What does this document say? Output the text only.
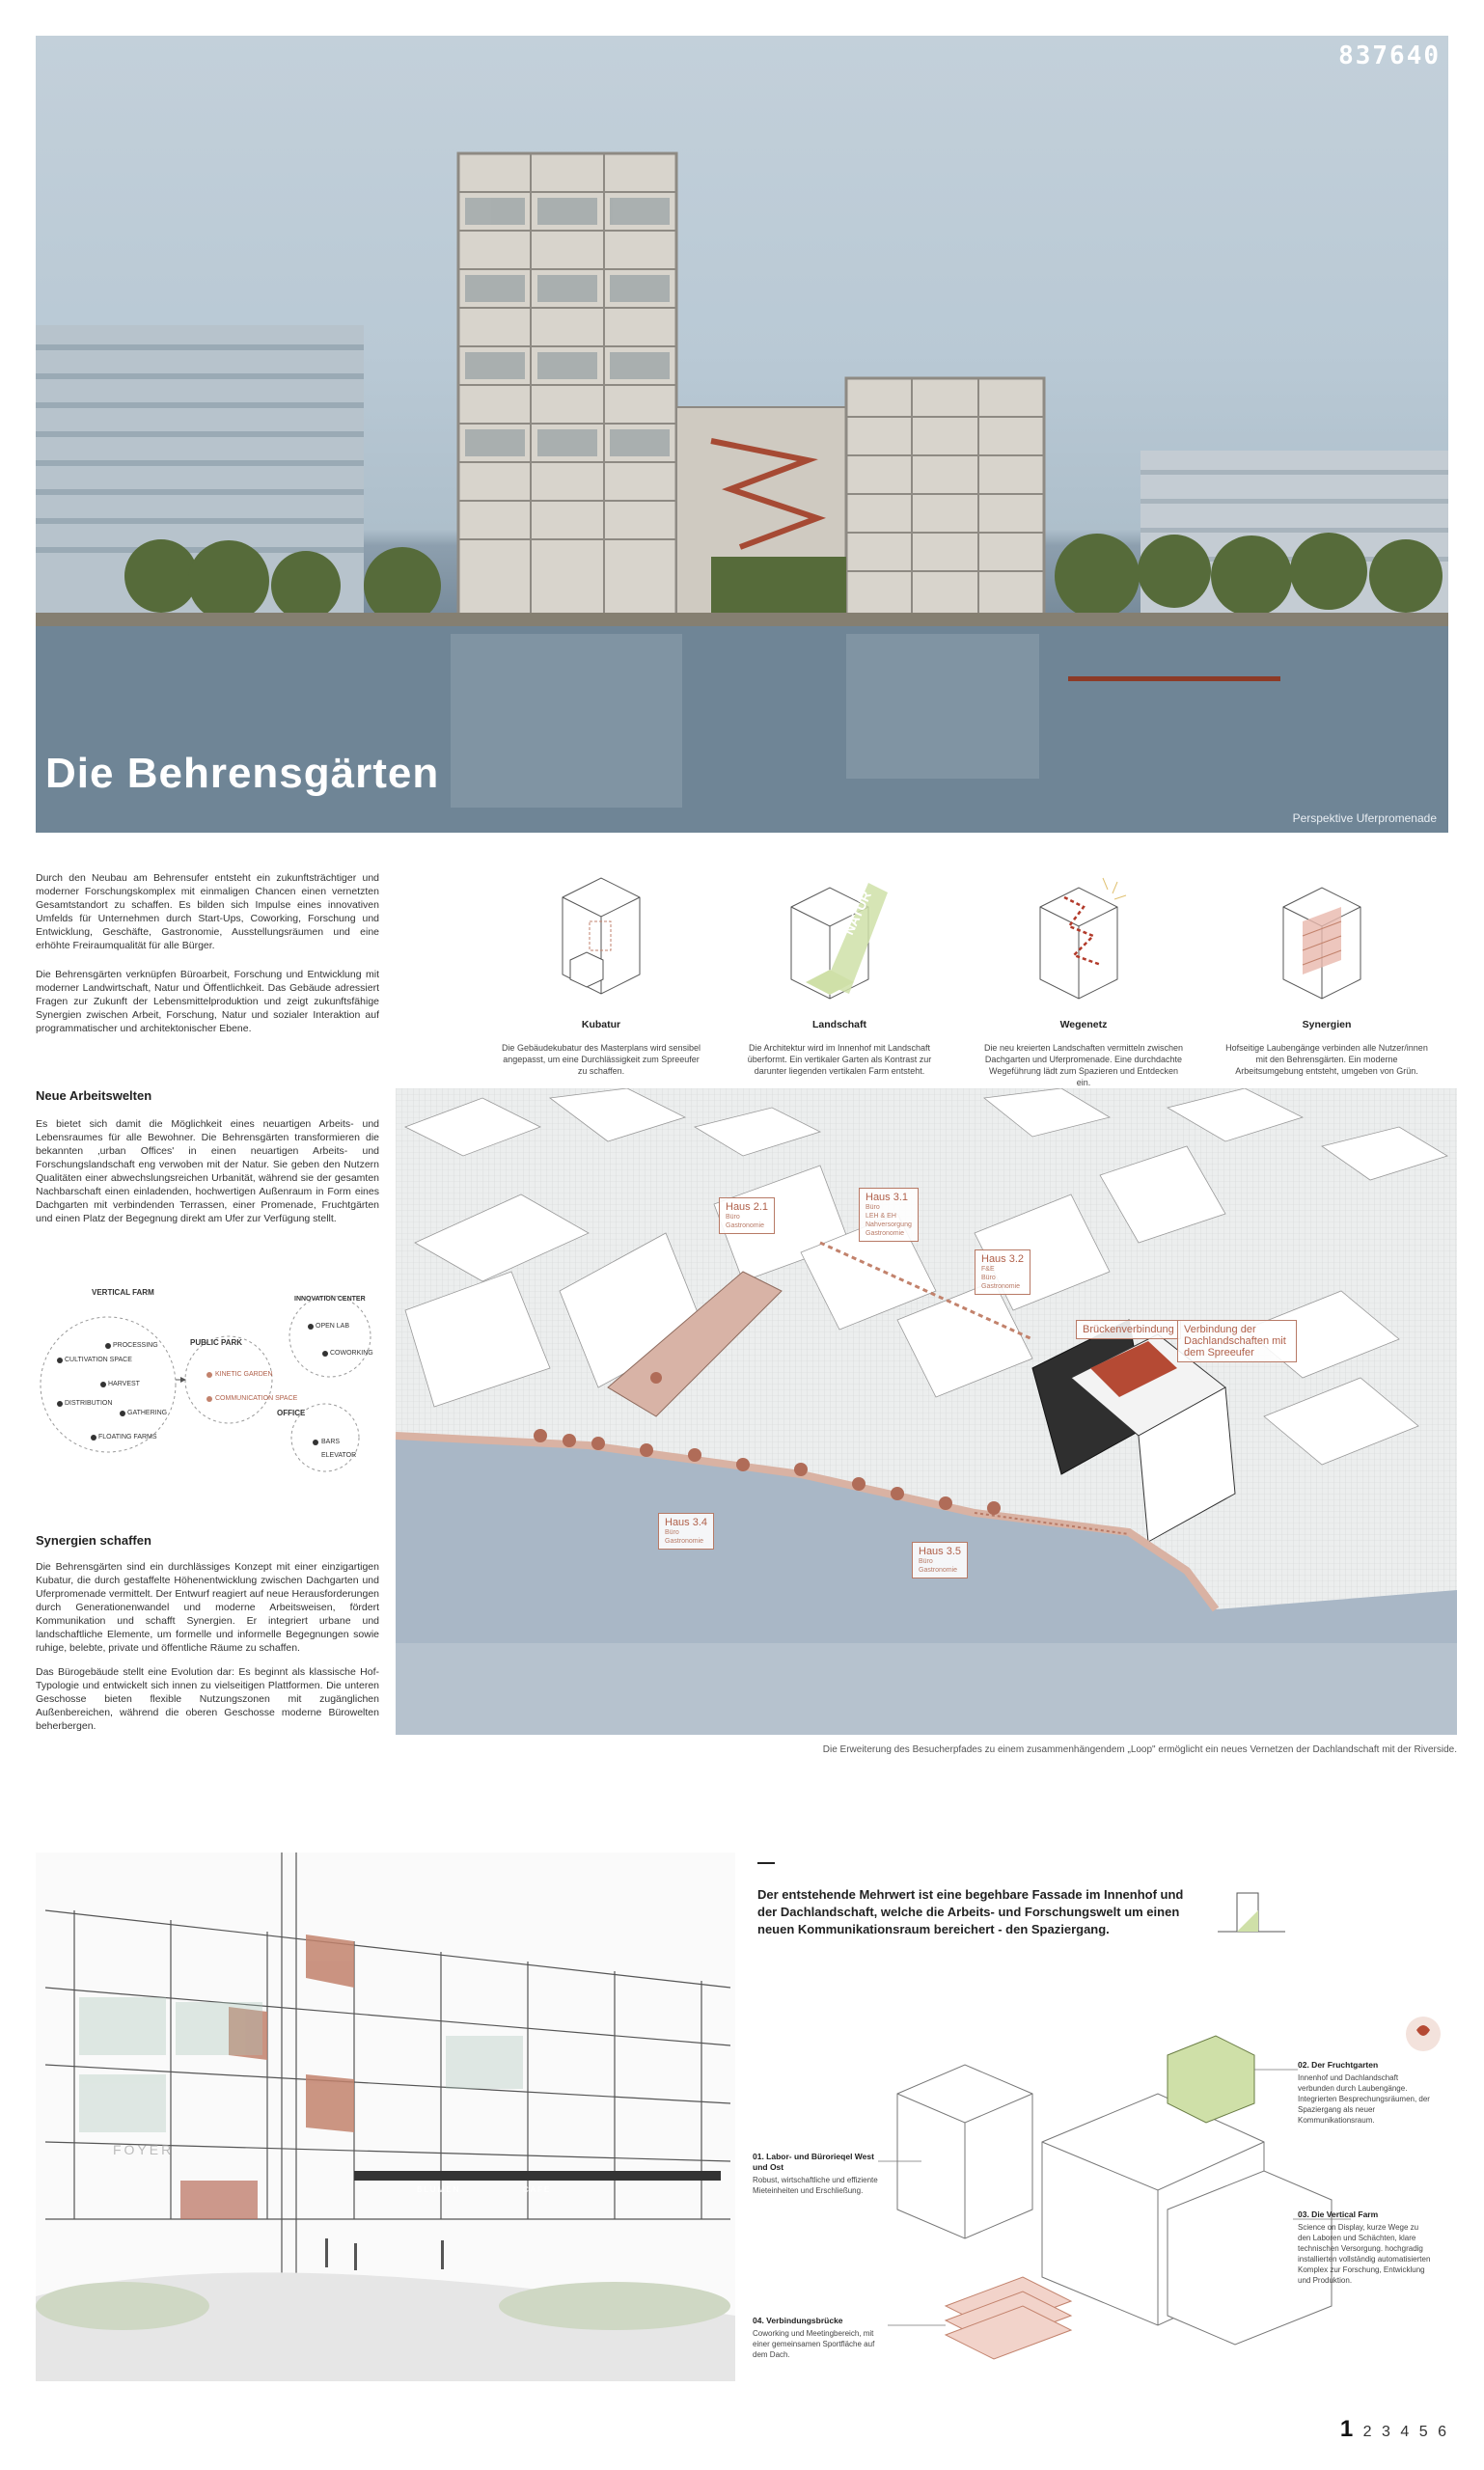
837640
Die Behrensgärten
Perspektive Uferpromenade
Durch den Neubau am Behrensufer entsteht ein zukunftsträchtiger und moderner Forschungskomplex mit einmaligen Chancen einen vernetzten Gesamtstandort zu schaffen. Es bilden sich Impulse eines innovativen Umfelds für Unternehmen durch Start-Ups, Coworking, Forschung und Entwicklung, Geschäfte, Gastronomie, Ausstellungsräumen und eine erhöhte Freiraumqualität für alle Bürger.
Die Behrensgärten verknüpfen Büroarbeit, Forschung und Entwicklung mit moderner Landwirtschaft, Natur und Öffentlichkeit. Das Gebäude adressiert Fragen zur Zukunft der Lebensmittelproduktion und zeigt zukunftsfähige Synergien zwischen Arbeit, Forschung, Natur und sozialer Interaktion auf programmatischer und architektonischer Ebene.	Kubatur
Die Gebäudekubatur des Masterplans wird sensibel angepasst, um eine Durchlässigkeit zum Spreeufer zu schaffen.
NATUR
Landschaft
Die Architektur wird im Innenhof mit Landschaft überformt. Ein vertikaler Garten als Kontrast zur darunter liegenden vertikalen Farm entsteht.
Wegenetz
Die neu kreierten Landschaften vermitteln zwischen Dachgarten und Uferpromenade. Eine durchdachte Wegeführung lädt zum Spazieren und Entdecken ein.
Synergien
Hofseitige Laubengänge verbinden alle Nutzer/innen mit den Behrensgärten. Ein moderne Arbeitsumgebung entsteht, umgeben von Grün.
Neue Arbeitswelten
Es bietet sich damit die Möglichkeit eines neuartigen Arbeits- und Lebensraumes für alle Bewohner. Die Behrensgärten transformieren die bekannten ‚urban Offices' in einen neuartigen Arbeits- und Forschungslandschaft eng verwoben mit der Natur. Sie geben den Nutzern Qualitäten einer abwechslungsreichen Urbanität, während sie der gesamten Nachbarschaft einen einladenden, hochwertigen Außenraum in Form eines Dachgarten mit verbindenden Terrassen, einer Promenade, Fruchtgärten und einen Platz der Begegnung direkt am Ufer zur Verfügung stellt.
VERTICAL FARM
PUBLIC PARK
INNOVATION CENTER
OFFICE
CULTIVATION SPACE
PROCESSING
HARVEST
DISTRIBUTION
GATHERING
FLOATING FARMS
KINETIC GARDEN
COMMUNICATION SPACE
OPEN LAB
COWORKING
BARS
ELEVATOR
Synergien schaffen
Die Behrensgärten sind ein durchlässiges Konzept mit einer einzigartigen Kubatur, die durch gestaffelte Höhenentwicklung zwischen Dachgarten und Uferpromenade vermittelt. Der Entwurf reagiert auf neue Herausforderungen durch Generationenwandel und moderne Arbeitsweisen, fördert Kommunikation und schafft Synergien. Er integriert urbane und landschaftliche Elemente, um formelle und informelle Begegnungen sowie ruhige, belebte, private und öffentliche Räume zu schaffen.
Das Bürogebäude stellt eine Evolution dar: Es beginnt als klassische Hof-Typologie und entwickelt sich innen zu vielseitigen Plattformen. Die unteren Geschosse bieten flexible Nutzungszonen mit zugänglichen Außenbereichen, während die oberen Geschosse moderne Bürowelten beherbergen.
Haus 2.1
Büro
Gastronomie
Haus 3.1
Büro
LEH & EH
Nahversorgung
Gastronomie
Haus 3.2
F&E
Büro
Gastronomie
Brückenverbindung Verbindung der Dachlandschaften mit dem Spreeufer
Haus 3.4
Büro
Gastronomie
Haus 3.5
Büro
Gastronomie
Die Erweiterung des Besucherpfades zu einem zusammenhängendem „Loop" ermöglicht ein neues Vernetzen der Dachlandschaft mit der Riverside.
FOYER
BLUMEN	CAFE
Der entstehende Mehrwert ist eine begehbare Fassade im Innenhof und der Dachlandschaft, welche die Arbeits- und Forschungswelt um einen neuen Kommunikationsraum bereichert - den Spaziergang.
01. Labor- und Bürorieqel West und Ost
Robust, wirtschaftliche und effiziente Mieteinheiten und Erschließung.
02. Der Fruchtgarten
Innenhof und Dachlandschaft verbunden durch Laubengänge. Integrierten Besprechungsräumen, der Spaziergang als neuer Kommunikationsraum.
03. Die Vertical Farm
Science on Display, kurze Wege zu den Laboren und Schächten, klare technischen Versorgung. hochgradig installierten vollständig automatisierten Komplex zur Forschung, Entwicklung und Produktion.
04. Verbindungsbrücke
Coworking und Meetingbereich, mit einer gemeinsamen Sportfläche auf dem Dach.
1 2 3 4 5 6
